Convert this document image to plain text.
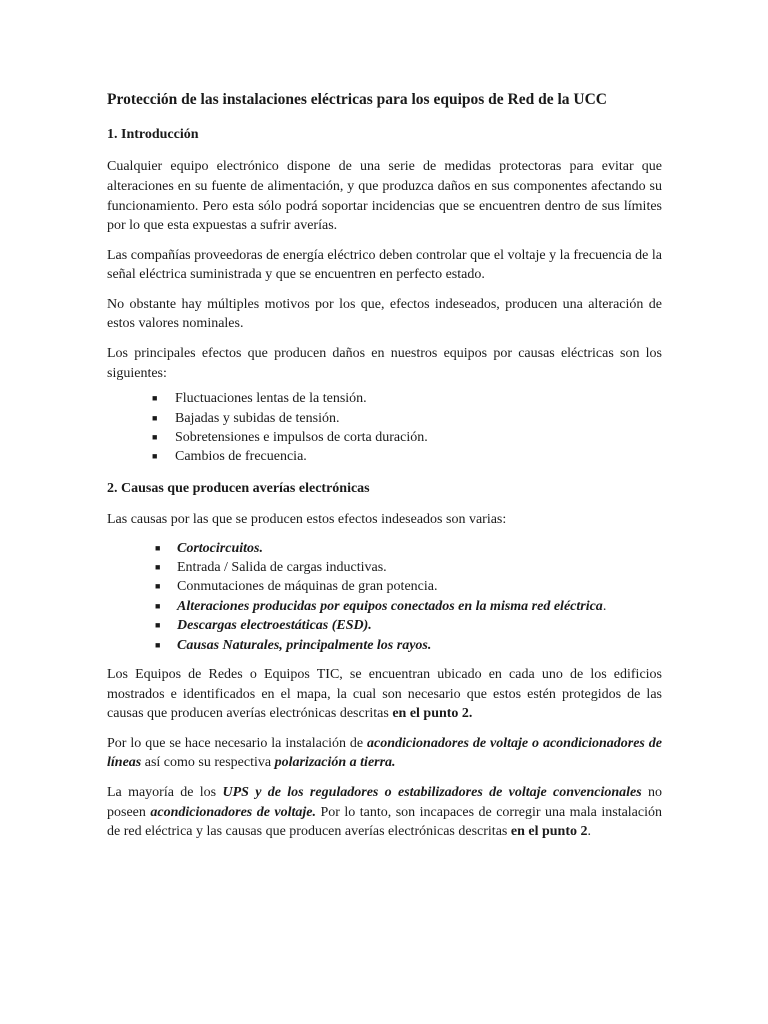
Protección de las instalaciones eléctricas para los equipos de Red de la UCC
1. Introducción

Cualquier equipo electrónico dispone de una serie de medidas protectoras para evitar que alteraciones en su fuente de alimentación, y que produzca daños en sus componentes afectando su funcionamiento. Pero esta sólo podrá soportar incidencias que se encuentren dentro de sus límites por lo que esta expuestas a sufrir averías.

Las compañías proveedoras de energía eléctrico deben controlar que el voltaje y la frecuencia de la señal eléctrica suministrada y que se encuentren en perfecto estado.

No obstante hay múltiples motivos por los que, efectos indeseados, producen una alteración de estos valores nominales.

Los principales efectos que producen daños en nuestros equipos por causas eléctricas son los siguientes:

■ Fluctuaciones lentas de la tensión.
■ Bajadas y subidas de tensión.
■ Sobretensiones e impulsos de corta duración.
■ Cambios de frecuencia.
2. Causas que producen averías electrónicas

Las causas por las que se producen estos efectos indeseados son varias:

■ Cortocircuitos.
■ Entrada / Salida de cargas inductivas.
■ Conmutaciones de máquinas de gran potencia.
■ Alteraciones producidas por equipos conectados en la misma red eléctrica.
■ Descargas electroestáticas (ESD).
■ Causas Naturales, principalmente los rayos.

Los Equipos de Redes o Equipos TIC, se encuentran ubicado en cada uno de los edificios mostrados e identificados en el mapa, la cual son necesario que estos estén protegidos de las causas que producen averías electrónicas descritas en el punto 2.

Por lo que se hace necesario la instalación de acondicionadores de voltaje o acondicionadores de líneas así como su respectiva polarización a tierra.

La mayoría de los UPS y de los reguladores o estabilizadores de voltaje convencionales no poseen acondicionadores de voltaje. Por lo tanto, son incapaces de corregir una mala instalación de red eléctrica y las causas que producen averías electrónicas descritas en el punto 2.
